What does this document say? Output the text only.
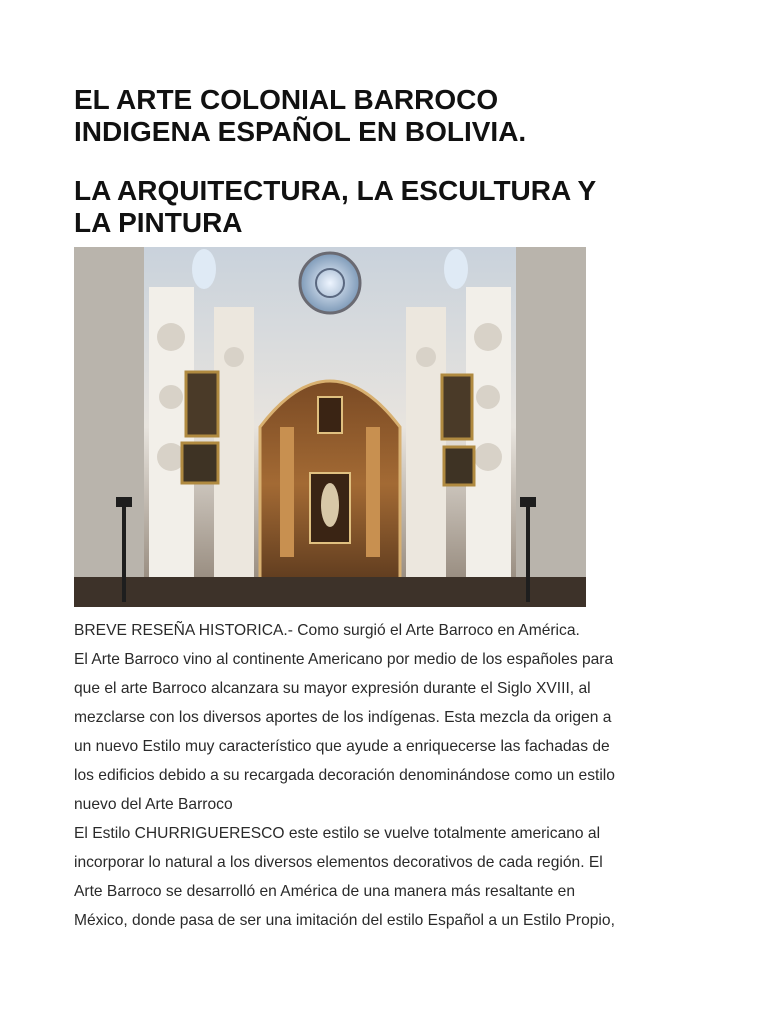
EL ARTE COLONIAL BARROCO
INDIGENA ESPAÑOL EN BOLIVIA.
LA ARQUITECTURA, LA ESCULTURA Y
LA PINTURA

BREVE RESEÑA HISTORICA.- Como surgió el Arte Barroco en América.

El Arte Barroco vino al continente Americano por medio de los españoles para

que el arte Barroco alcanzara su mayor expresión durante el Siglo XVIII, al

mezclarse con los diversos aportes de los indígenas. Esta mezcla da origen a

un nuevo Estilo muy característico que ayude a enriquecerse las fachadas de

los edificios debido a su recargada decoración denominándose como un estilo

nuevo del Arte Barroco

El Estilo CHURRIGUERESCO este estilo se vuelve totalmente americano al

incorporar lo natural a los diversos elementos decorativos de cada región. El

Arte Barroco se desarrolló en América de una manera más resaltante en

México, donde pasa de ser una imitación del estilo Español a un Estilo Propio,
